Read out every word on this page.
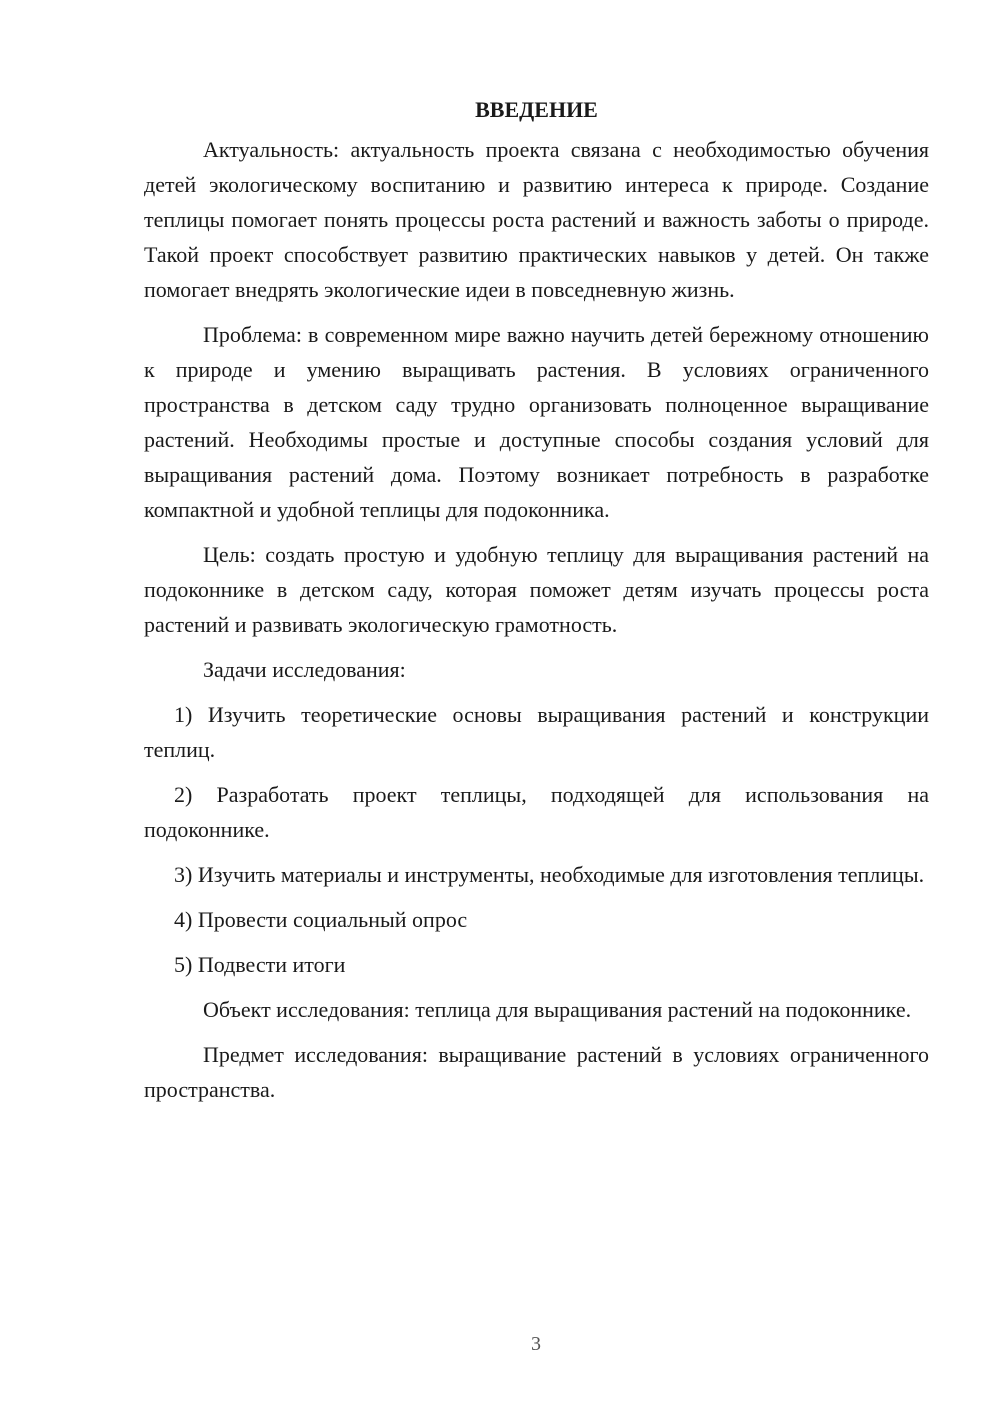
ВВЕДЕНИЕ

Актуальность: актуальность проекта связана с необходимостью обучения детей экологическому воспитанию и развитию интереса к природе. Создание теплицы помогает понять процессы роста растений и важность заботы о природе. Такой проект способствует развитию практических навыков у детей. Он также помогает внедрять экологические идеи в повседневную жизнь.

Проблема: в современном мире важно научить детей бережному отношению к природе и умению выращивать растения. В условиях ограниченного пространства в детском саду трудно организовать полноценное выращивание растений. Необходимы простые и доступные способы создания условий для выращивания растений дома. Поэтому возникает потребность в разработке компактной и удобной теплицы для подоконника.

Цель: создать простую и удобную теплицу для выращивания растений на подоконнике в детском саду, которая поможет детям изучать процессы роста растений и развивать экологическую грамотность.

Задачи исследования:

1) Изучить теоретические основы выращивания растений и конструкции теплиц.

2) Разработать проект теплицы, подходящей для использования на подоконнике.

3) Изучить материалы и инструменты, необходимые для изготовления теплицы.

4) Провести социальный опрос

5) Подвести итоги

Объект исследования: теплица для выращивания растений на подоконнике.

Предмет исследования: выращивание растений в условиях ограниченного пространства.

3
